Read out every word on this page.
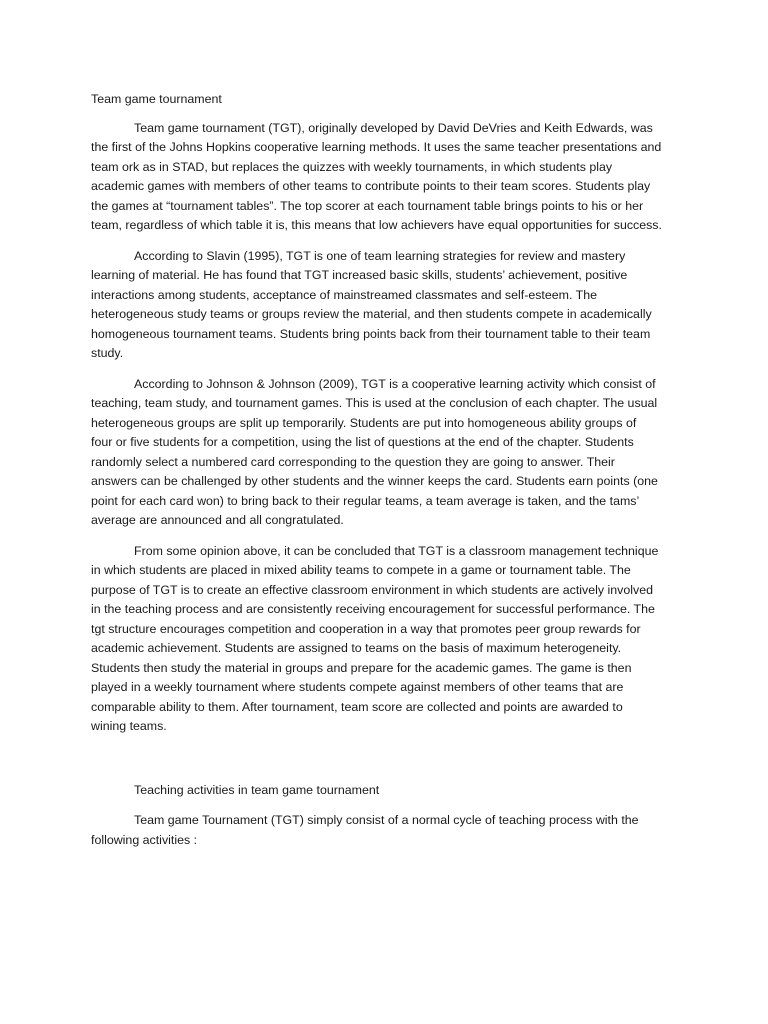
Team game tournament
Team game tournament (TGT), originally developed by David DeVries and Keith Edwards, was
the first of the Johns Hopkins cooperative learning methods. It uses the same teacher presentations and
team ork as in STAD, but replaces the quizzes with weekly tournaments, in which students play
academic games with members of other teams to contribute points to their team scores. Students play
the games at “tournament tables”. The top scorer at each tournament table brings points to his or her
team, regardless of which table it is, this means that low achievers have equal opportunities for success.
According to Slavin (1995), TGT is one of team learning strategies for review and mastery
learning of material. He has found that TGT increased basic skills, students’ achievement, positive
interactions among students, acceptance of mainstreamed classmates and self-esteem. The
heterogeneous study teams or groups review the material, and then students compete in academically
homogeneous tournament teams. Students bring points back from their tournament table to their team
study.
According to Johnson & Johnson (2009), TGT is a cooperative learning activity which consist of
teaching, team study, and tournament games. This is used at the conclusion of each chapter. The usual
heterogeneous groups are split up temporarily. Students are put into homogeneous ability groups of
four or five students for a competition, using the list of questions at the end of the chapter. Students
randomly select a numbered card corresponding to the question they are going to answer. Their
answers can be challenged by other students and the winner keeps the card. Students earn points (one
point for each card won) to bring back to their regular teams, a team average is taken, and the tams’
average are announced and all congratulated.
From some opinion above, it can be concluded that TGT is a classroom management technique
in which students are placed in mixed ability teams to compete in a game or tournament table. The
purpose of TGT is to create an effective classroom environment in which students are actively involved
in the teaching process and are consistently receiving encouragement for successful performance. The
tgt structure encourages competition and cooperation in a way that promotes peer group rewards for
academic achievement. Students are assigned to teams on the basis of maximum heterogeneity.
Students then study the material in groups and prepare for the academic games. The game is then
played in a weekly tournament where students compete against members of other teams that are
comparable ability to them. After tournament, team score are collected and points are awarded to
wining teams.
Teaching activities in team game tournament
Team game Tournament (TGT) simply consist of a normal cycle of teaching process with the
following activities :
